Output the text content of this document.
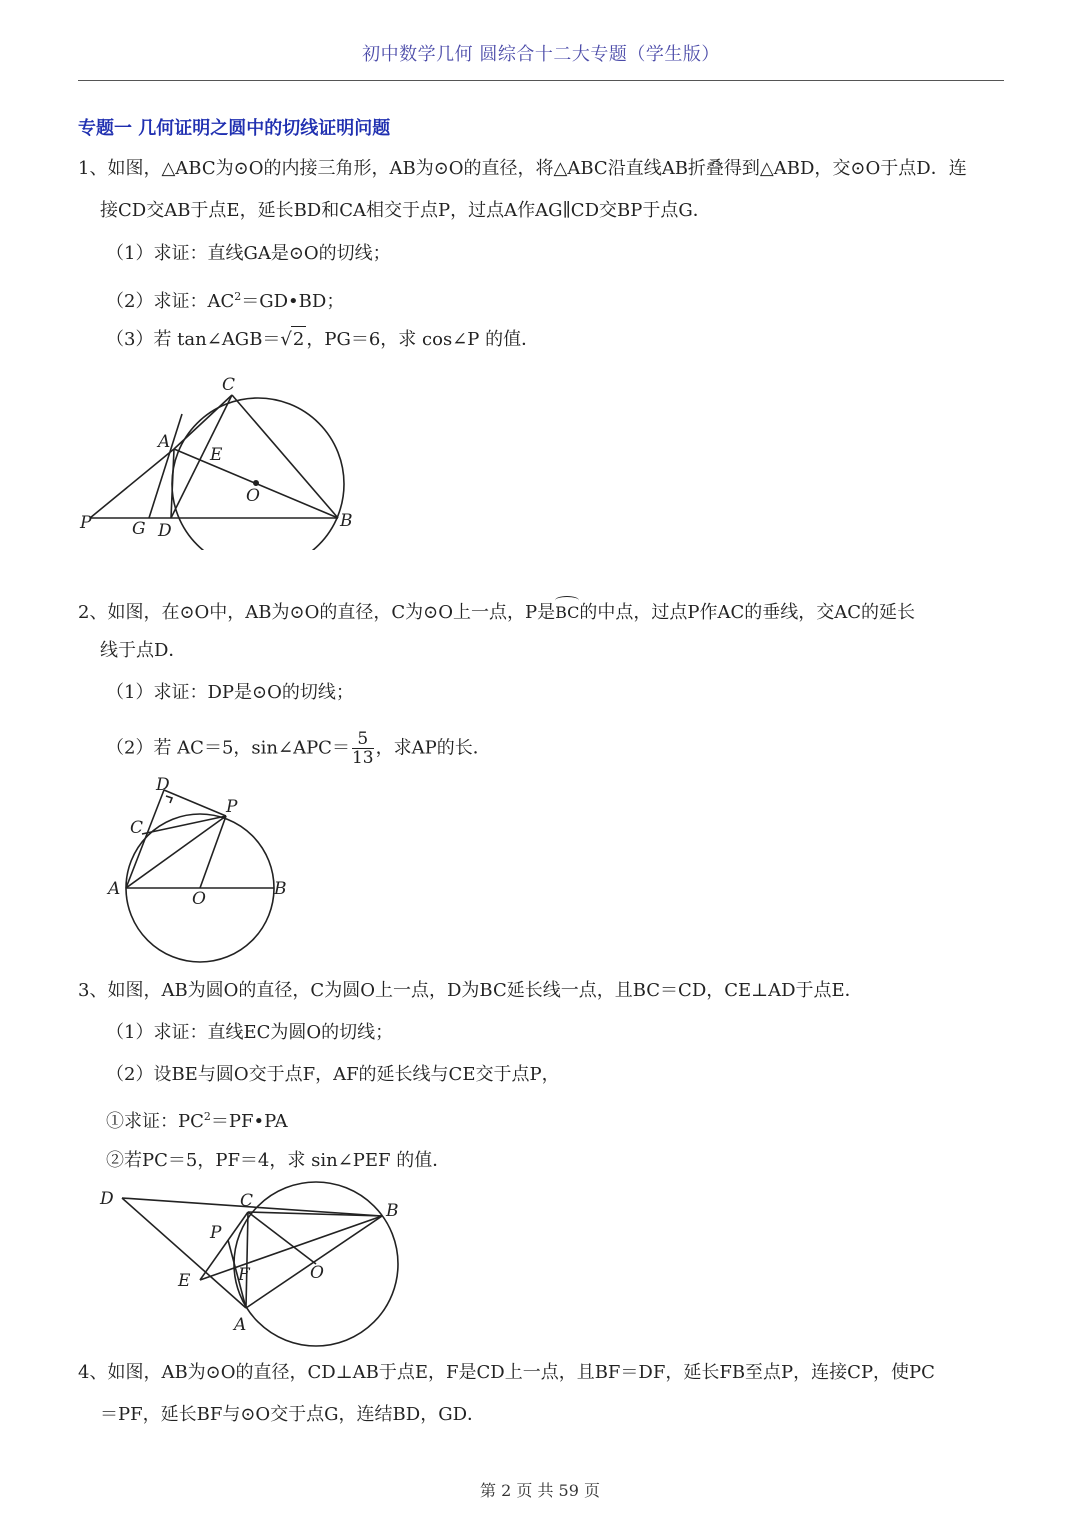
初中数学几何 圆综合十二大专题（学生版）
专题一 几何证明之圆中的切线证明问题
1、如图，△ABC为⊙O的内接三角形，AB为⊙O的直径，将△ABC沿直线AB折叠得到△ABD，交⊙O于点D．连
接CD交AB于点E，延长BD和CA相交于点P，过点A作AG∥CD交BP于点G．
（1）求证：直线GA是⊙O的切线；
（2）求证：$AC^2=GD•BD$；
（3）若 tan∠AGB＝√2 ，PG＝6，求 cos∠P 的值．
C
A
E
O
P G D	B
2、如图，在⊙O中，AB为⊙O的直径，C为⊙O上一点，P是BC的中点，过点P作AC的垂线，交AC的延长
线于点D．
（1）求证：DP是⊙O的切线；
（2）若 AC＝5，sin∠APC＝ $\frac{5}{13}$ ，求AP的长．
D
P
C
A	O	B
3、如图，AB为圆O的直径，C为圆O上一点，D为BC延长线一点，且BC＝CD，CE⊥AD于点E．
（1）求证：直线EC为圆O的切线；
（2）设BE与圆O交于点F，AF的延长线与CE交于点P，
①求证：$PC^2=PF•PA$
②若PC＝5，PF＝4，求 sin∠PEF 的值．
D	C	B
P
E	F	O
A
4、如图，AB为⊙O的直径，CD⊥AB于点E，F是CD上一点，且BF＝DF，延长FB至点P，连接CP，使PC
＝PF，延长BF与⊙O交于点G，连结BD，GD．
第 2 页 共 59 页
